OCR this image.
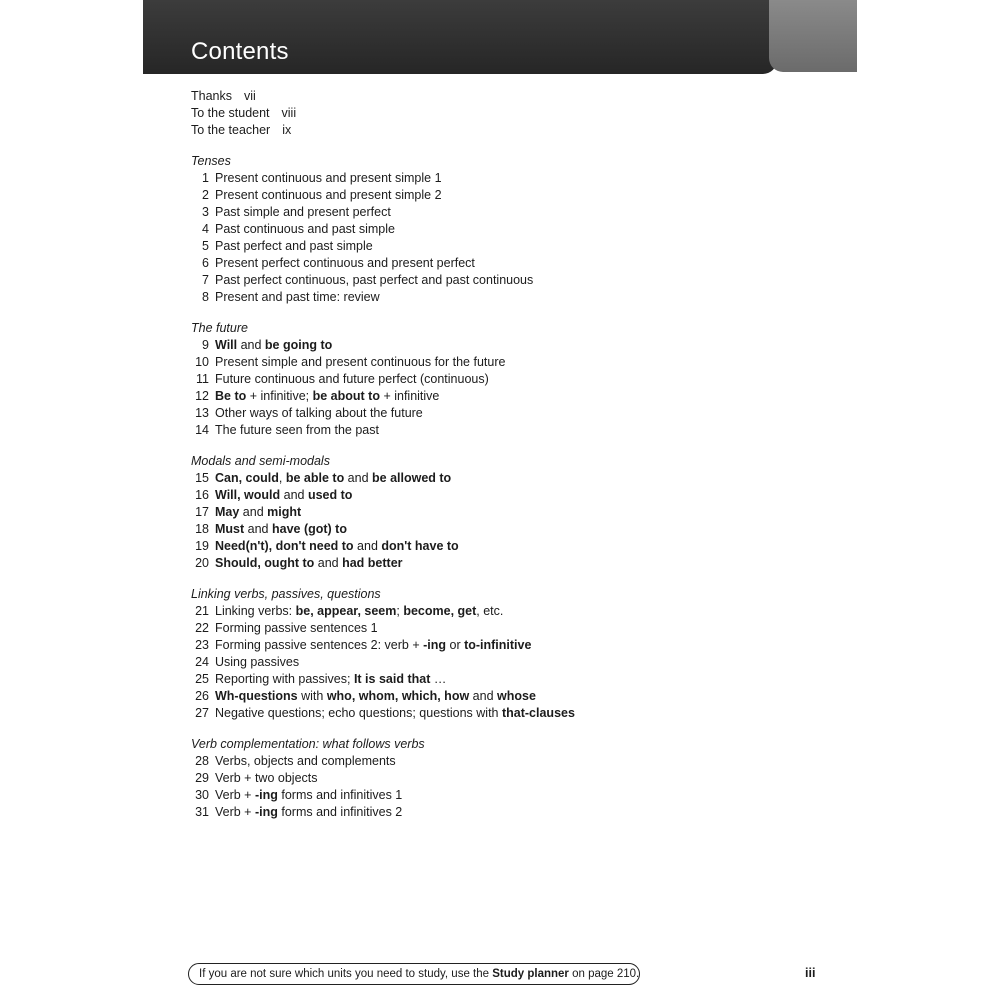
Contents
Thanks vii
To the student viii
To the teacher ix

Tenses

1 Present continuous and present simple 1
2 Present continuous and present simple 2
3 Past simple and present perfect
4 Past continuous and past simple
5 Past perfect and past simple
6 Present perfect continuous and present perfect
7 Past perfect continuous, past perfect and past continuous
8 Present and past time: review

The future

9 Will and be going to
10 Present simple and present continuous for the future
11 Future continuous and future perfect (continuous)
12 Be to + infinitive; be about to + infinitive
13 Other ways of talking about the future
14 The future seen from the past

Modals and semi-modals

15 Can, could, be able to and be allowed to
16 Will, would and used to
17 May and might
18 Must and have (got) to
19 Need(n't), don't need to and don't have to
20 Should, ought to and had better

Linking verbs, passives, questions

21 Linking verbs: be, appear, seem; become, get, etc.
22 Forming passive sentences 1
23 Forming passive sentences 2: verb + -ing or to-infinitive
24 Using passives
25 Reporting with passives; It is said that …
26 Wh-questions with who, whom, which, how and whose
27 Negative questions; echo questions; questions with that-clauses

Verb complementation: what follows verbs

28 Verbs, objects and complements
29 Verb + two objects
30 Verb + -ing forms and infinitives 1
31 Verb + -ing forms and infinitives 2
If you are not sure which units you need to study, use the Study planner on page 210.	iii
